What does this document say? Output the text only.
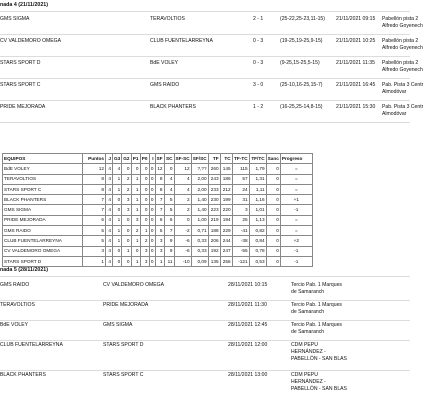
nada 4 (21/11/2021)
GMS SIGMA	TERAVOLTIOS	2 - 1	(25-22,25-23,11-15) 21/11/2021 09:15 Pabellón pista 2
Alfredo Goyenech
CV VALDEMORO OMEGA	CLUB FUENTELARREYNA	0 - 3	(19-25,19-25,9-15)	21/11/2021 10:25 Pabellón pista 2
Alfredo Goyenech
STARS SPORT D	BdE VOLEY	0 - 3	(9-25,15-25,5-15)	21/11/2021 11:35 Pabellón pista 2
Alfredo Goyenech
STARS SPORT C	GMS RAIDO	3 - 0	(25-10,16-25,15-7)	21/11/2021 16:45 Pab. Pista 3 Centr
Almodóvar
PRIDE MEJORADA	BLACK PHANTERS	1 - 2	(16-25,25-14,8-15)	21/11/2021 15:30 Pab. Pista 3 Centr
Almodóvar
EQUIPOS	Puntos	J	G3	G2	P1	P0	I	SF	SC	SF-SC	SF/SC	TF	TC	TF-TC	TF/TC	Sanc	Progreso
BdE VOLEY	12	4	4	0	0	0	0	12	0	12	?,??	260	145	115	1,79	0	=
TERAVOLTIOS	8	4	1	2	1	0	0	8	4	4	2,00	243	186	57	1,31	0	=
STARS SPORT C	8	4	1	2	1	0	0	8	4	4	2,00	233	212	24	1,11	0	=
BLACK PHANTERS	7	4	0	3	1	0	0	7	5	2	1,40	230	199	31	1,16	0	+1
GMS SIGMA	7	4	0	3	1	0	0	7	5	2	1,40	223	220	3	1,01	0	-1
PRIDE MEJORADA	6	4	1	0	3	0	0	6	6	0	1,00	219	194	25	1,13	0	=
GMS RAIDO	5	4	1	0	2	1	0	5	7	-2	0,71	188	229	-41	0,82	0	=
CLUB FUENTELARREYNA	5	4	1	0	1	2	0	3	9	-6	0,33	206	244	-38	0,84	0	+2
CV VALDEMORO OMEGA	3	4	0	1	0	3	0	3	9	-6	0,33	192	247	-55	0,78	0	-1
STARS SPORT D	1	4	0	0	1	3	0	1	11	-10	0,09	135	256	-121	0,53	0	-1
nada 5 (28/11/2021)
GMS RAIDO	CV VALDEMORO OMEGA	28/11/2021 10:15	Tercio Pab. 1 Marques
de Samaranch
TERAVOLTIOS	PRIDE MEJORADA	28/11/2021 11:30	Tercio Pab. 1 Marques
de Samaranch
BdE VOLEY	GMS SIGMA	28/11/2021 12:45	Tercio Pab. 1 Marques
de Samaranch
CLUB FUENTELARREYNA	STARS SPORT D	28/11/2021 12:00	CDM PEPU
HERNÁNDEZ -
PABELLÓN - SAN BLAS
BLACK PHANTERS	STARS SPORT C	28/11/2021 13:00	CDM PEPU
HERNÁNDEZ -
PABELLÓN - SAN BLAS
